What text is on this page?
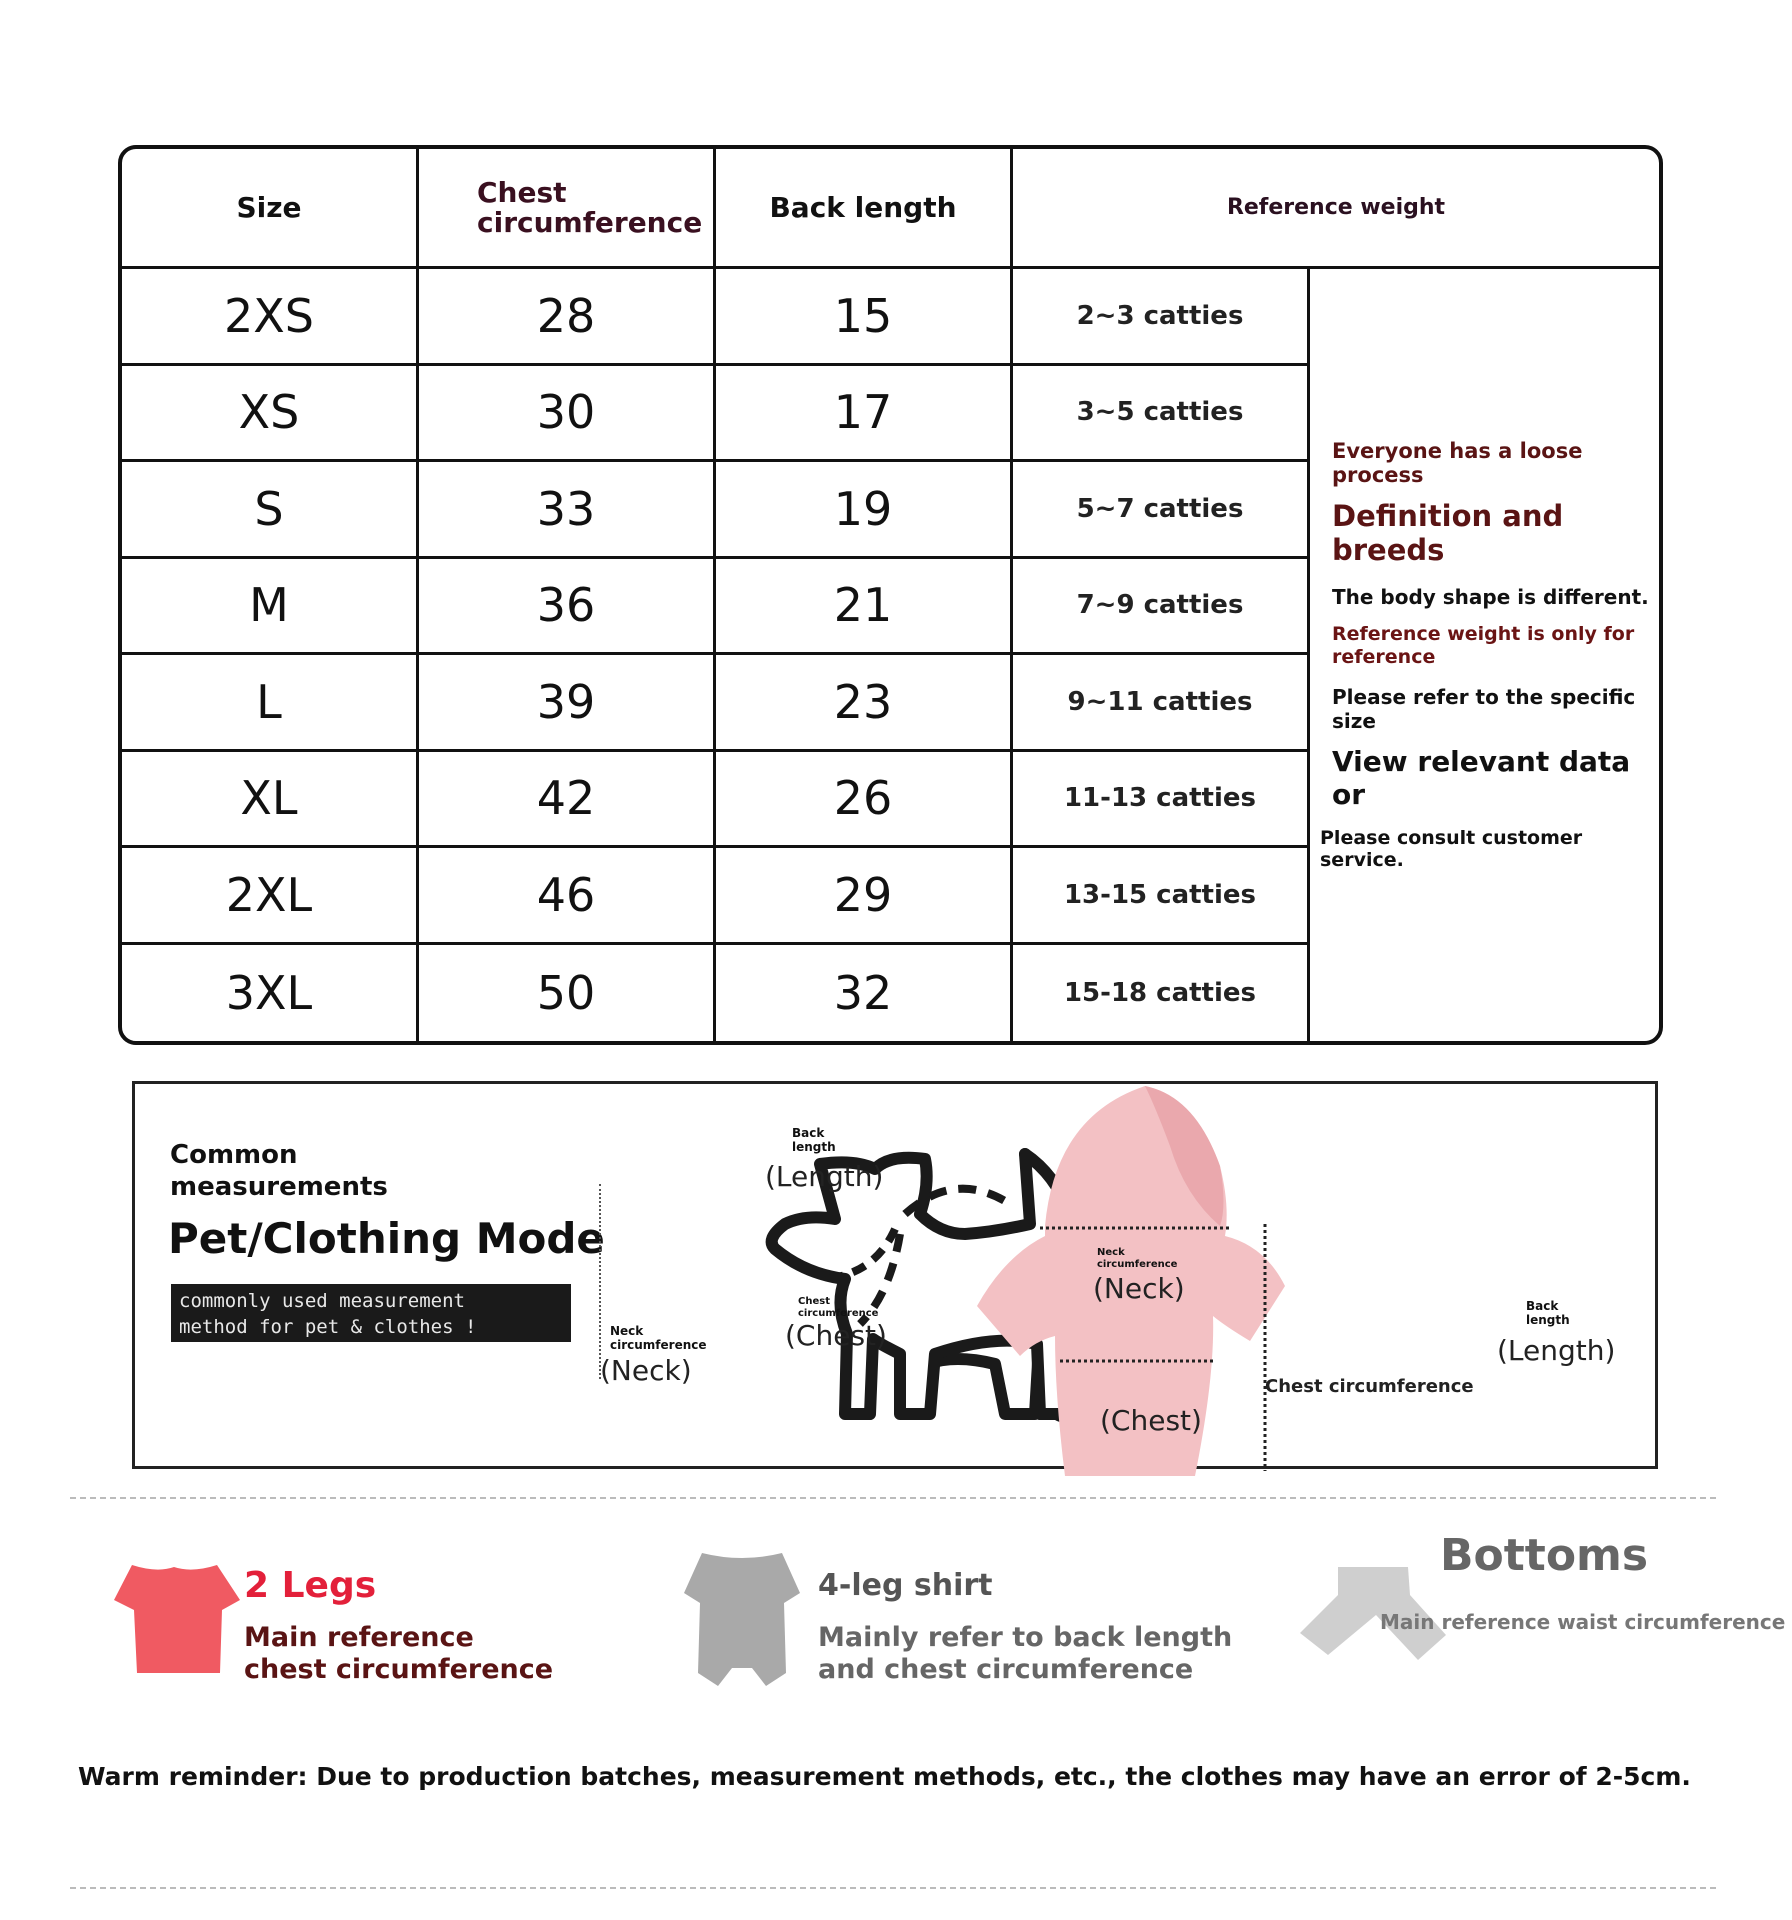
Size	Chest circumference	Back length	Reference weight
2XS	28	15	2~3 catties
Everyone has a loose process
Definition and breeds
The body shape is different.
Reference weight is only for reference
Please refer to the specific size
View relevant data or
Please consult customer service.
XS	30	17	3~5 catties
S	33	19	5~7 catties
M	36	21	7~9 catties
L	39	23	9~11 catties
XL	42	26	11-13 catties
2XL	46	29	13-15 catties
3XL	50	32	15-18 catties
Common measurements
Pet/Clothing Mode
commonly used measurement
method for pet & clothes !
Back length
(Length)
Chest circumference
(Chest)
Neck circumference
(Neck)
Neck circumference
(Neck)
Back length
(Length)
Chest circumference
(Chest)
2 Legs
Main reference
chest circumference
4-leg shirt
Mainly refer to back length
and chest circumference
Bottoms
Main reference waist circumference
Warm reminder: Due to production batches, measurement methods, etc., the clothes may have an error of 2-5cm.
